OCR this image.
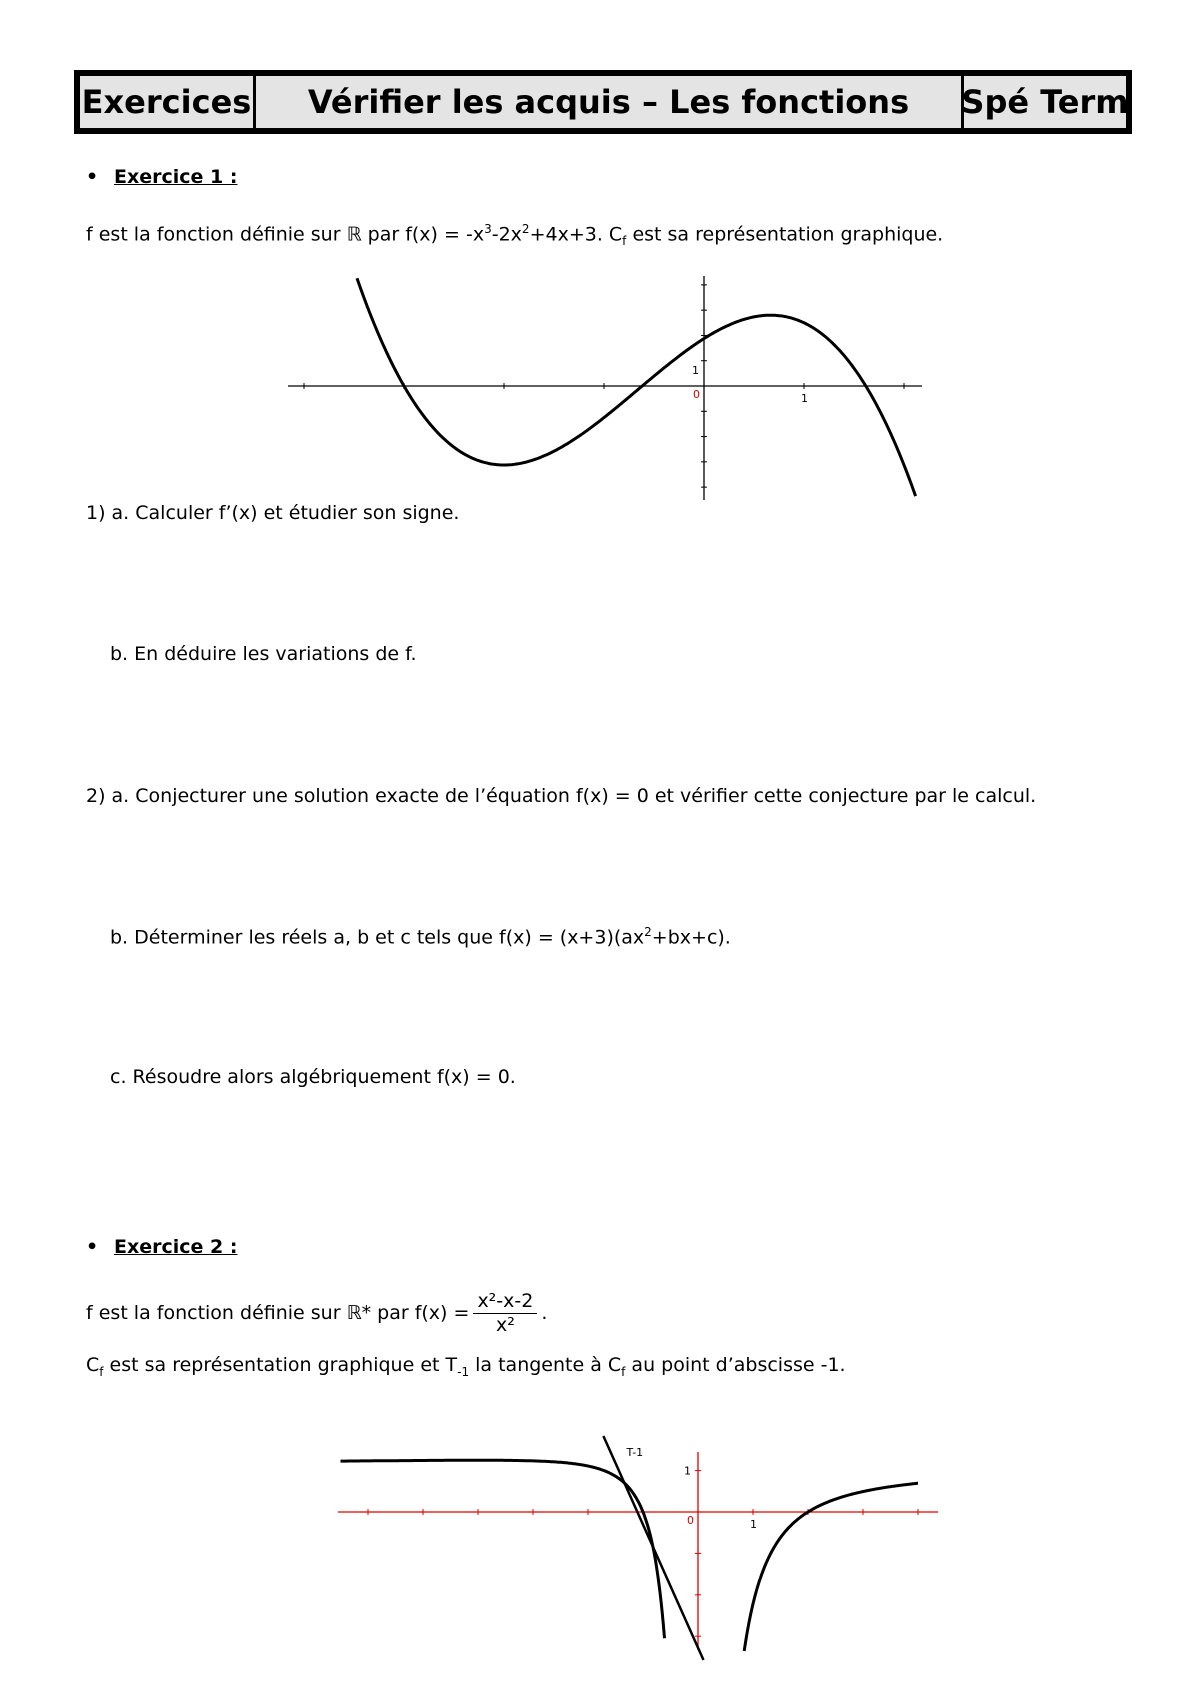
Exercices	Vérifier les acquis – Les fonctions	Spé Term
• Exercice 1 :
f est la fonction définie sur ℝ par $f(x) = -x^3-2x^2+4x+3$. $C_f$ est sa représentation graphique.
1
1
0
1) a. Calculer f’(x) et étudier son signe.
b. En déduire les variations de f.
2) a. Conjecturer une solution exacte de l’équation f(x) = 0 et vérifier cette conjecture par le calcul.
b. Déterminer les réels a, b et c tels que $f(x) = (x+3)(ax^2+bx+c)$.
c. Résoudre alors algébriquement f(x) = 0.
• Exercice 2 :
f est la fonction définie sur ℝ* par $f(x) = \frac{\text{x²-x-2}}{\text{x²}}$ .
$C_f$ est sa représentation graphique et $T_{-1}$ la tangente à $C_f$ au point d’abscisse -1.
1
1
0
T-1
